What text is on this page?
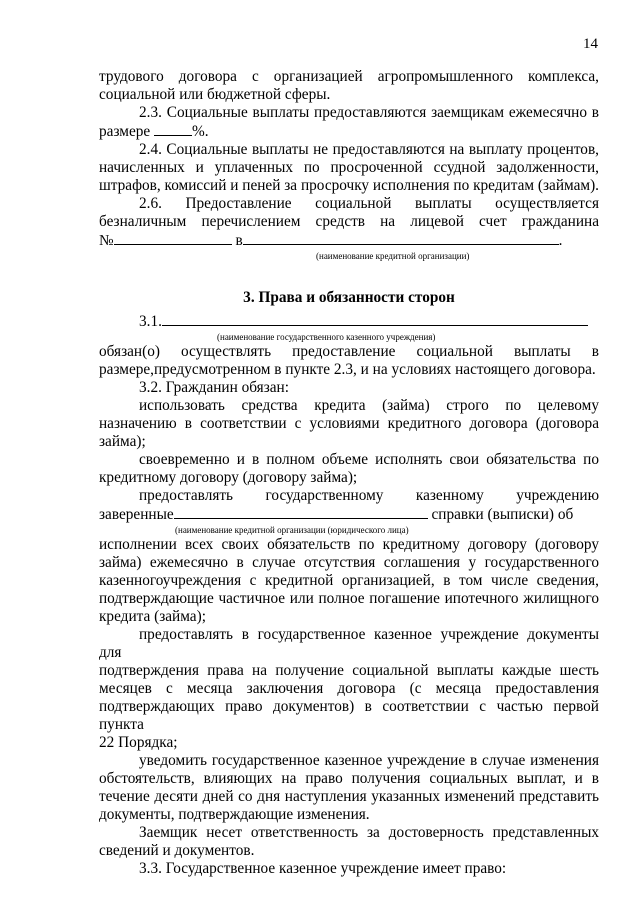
14
трудового договора с организацией агропромышленного комплекса,
социальной или бюджетной сферы.
2.3. Социальные выплаты предоставляются заемщикам ежемесячно в
размере	%.
2.4. Социальные выплаты не предоставляются на выплату процентов,
начисленных и уплаченных по просроченной ссудной задолженности,
штрафов, комиссий и пеней за просрочку исполнения по кредитам (займам).
2.6. Предоставление социальной выплаты осуществляется
безналичным перечислением средств на лицевой счет гражданина
№	в	.
(наименование кредитной организации)
3. Права и обязанности сторон
3.1.
(наименование государственного казенного учреждения)
обязан(о) осуществлять предоставление социальной выплаты в
размере,предусмотренном в пункте 2.3, и на условиях настоящего договора.
3.2. Гражданин обязан:
использовать средства кредита (займа) строго по целевому
назначению в соответствии с условиями кредитного договора (договора
займа);
своевременно и в полном объеме исполнять свои обязательства по
кредитному договору (договору займа);
предоставлять государственному казенному учреждению
заверенные	справки (выписки) об
(наименование кредитной организации (юридического лица)
исполнении всех своих обязательств по кредитному договору (договору
займа) ежемесячно в случае отсутствия соглашения у государственного
казенногоучреждения с кредитной организацией, в том числе сведения,
подтверждающие частичное или полное погашение ипотечного жилищного
кредита (займа);
предоставлять в государственное казенное учреждение документы для
подтверждения права на получение социальной выплаты каждые шесть
месяцев с месяца заключения договора (с месяца предоставления
подтверждающих право документов) в соответствии с частью первой пункта
22 Порядка;
уведомить государственное казенное учреждение в случае изменения
обстоятельств, влияющих на право получения социальных выплат, и в
течение десяти дней со дня наступления указанных изменений представить
документы, подтверждающие изменения.
Заемщик несет ответственность за достоверность представленных
сведений и документов.
3.3. Государственное казенное учреждение имеет право:
